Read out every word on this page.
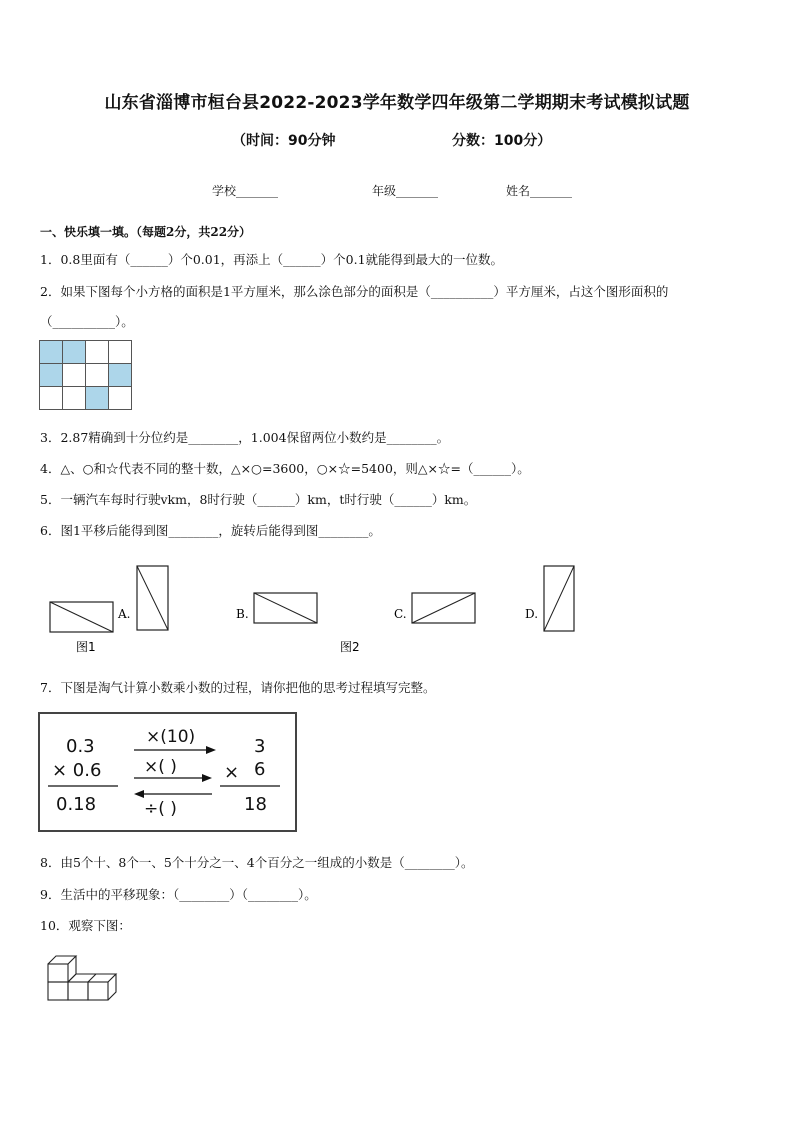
山东省淄博市桓台县2022-2023学年数学四年级第二学期期末考试模拟试题
（时间：90分钟	分数：100分）
学校_______	年级_______	姓名_______
一、快乐填一填。（每题2分，共22分）
1．0.8里面有（______）个0.01，再添上（______）个0.1就能得到最大的一位数。
2．如果下图每个小方格的面积是1平方厘米，那么涂色部分的面积是（__________）平方厘米，占这个图形面积的
（__________）。

3．2.87精确到十分位约是________，1.004保留两位小数约是________。
4．△、○和☆代表不同的整十数，△×○=3600，○×☆=5400，则△×☆=（______）。
5．一辆汽车每时行驶vkm，8时行驶（______）km，t时行驶（______）km。
6．图1平移后能得到图________，旋转后能得到图________。
A.	B.	C.	D.
图1	图2
7．下图是淘气计算小数乘小数的过程，请你把他的思考过程填写完整。
0.3
× 0.6
0.18
×(10)
×( )
÷( )
×
3
6
18
8．由5个十、8个一、5个十分之一、4个百分之一组成的小数是（________）。
9．生活中的平移现象：（________）（________）。
10．观察下图：
